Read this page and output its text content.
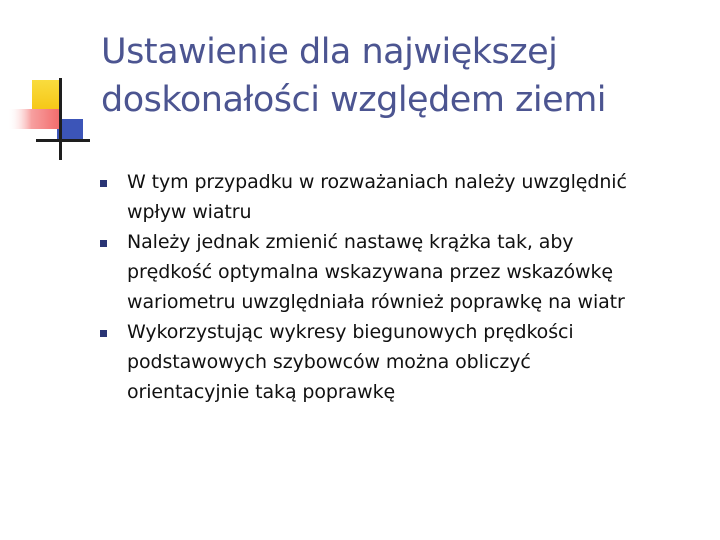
Ustawienie dla największej
doskonałości względem ziemi
W tym przypadku w rozważaniach należy uwzględnić
wpływ wiatru
Należy jednak zmienić nastawę krążka tak, aby
prędkość optymalna wskazywana przez wskazówkę
wariometru uwzględniała również poprawkę na wiatr
Wykorzystując wykresy biegunowych prędkości
podstawowych szybowców można obliczyć
orientacyjnie taką poprawkę
